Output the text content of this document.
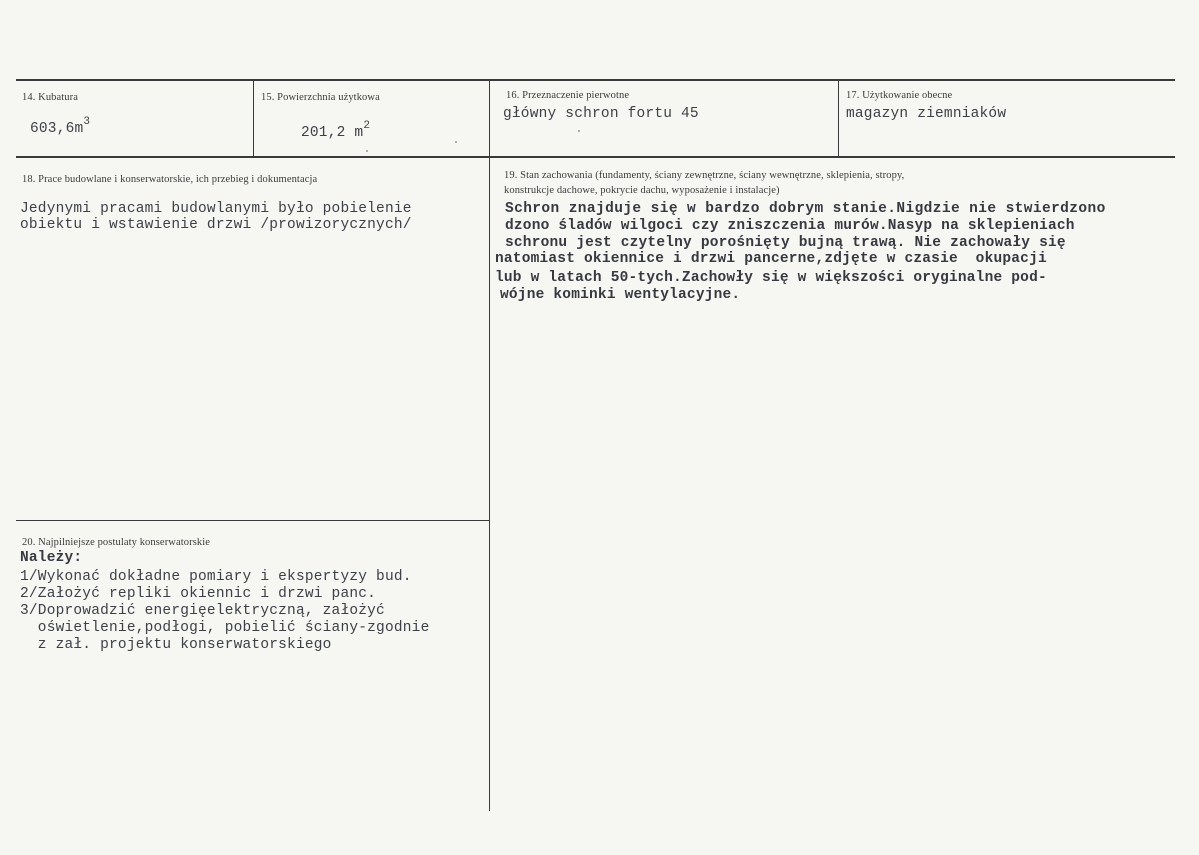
14. Kubatura
$603,6m^3$
15. Powierzchnia użytkowa
201,2 $m^2$
16. Przeznaczenie pierwotne
główny schron fortu 45
17. Użytkowanie obecne
magazyn ziemniaków
18. Prace budowlane i konserwatorskie, ich przebieg i dokumentacja
Jedynymi pracami budowlanymi było pobielenie
obiektu i wstawienie drzwi /prowizorycznych/
19. Stan zachowania (fundamenty, ściany zewnętrzne, ściany wewnętrzne, sklepienia, stropy,
konstrukcje dachowe, pokrycie dachu, wyposażenie i instalacje)
Schron znajduje się w bardzo dobrym stanie.Nigdzie nie stwierdzono
dzono śladów wilgoci czy zniszczenia murów.Nasyp na sklepieniach
schronu jest czytelny porośnięty bujną trawą. Nie zachowały się
natomiast okiennice i drzwi pancerne,zdjęte w czasie  okupacji
lub w latach 50-tych.Zachowły się w większości oryginalne pod-
wójne kominki wentylacyjne.
20. Najpilniejsze postulaty konserwatorskie
Należy:
1/Wykonać dokładne pomiary i ekspertyzy bud.
2/Założyć repliki okiennic i drzwi panc.
3/Doprowadzić energięelektryczną, założyć
oświetlenie,podłogi, pobielić ściany-zgodnie
z zał. projektu konserwatorskiego
